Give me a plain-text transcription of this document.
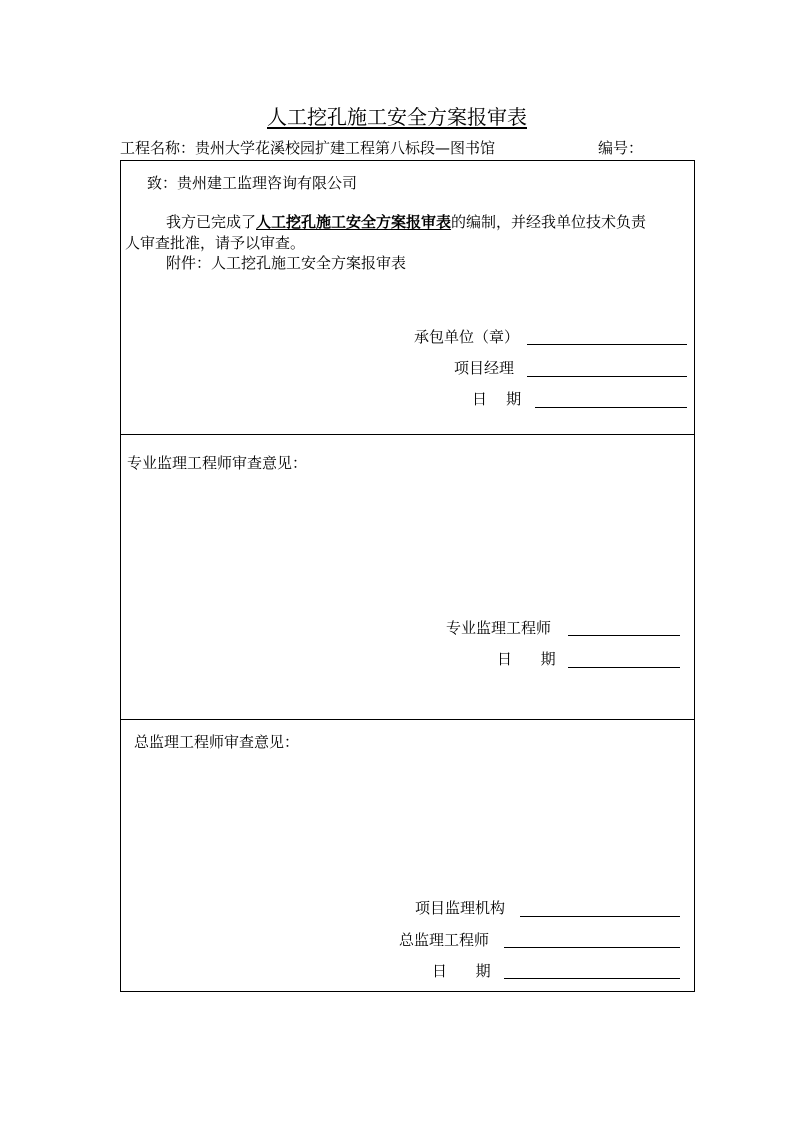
人工挖孔施工安全方案报审表
工程名称：贵州大学花溪校园扩建工程第八标段—图书馆	编号：
致：贵州建工监理咨询有限公司
我方已完成了人工挖孔施工安全方案报审表的编制，并经我单位技术负责
人审查批准，请予以审查。
附件：人工挖孔施工安全方案报审表
承包单位（章）
项目经理
日    期
专业监理工程师审查意见：
专业监理工程师
日      期
总监理工程师审查意见：
项目监理机构
总监理工程师
日      期
